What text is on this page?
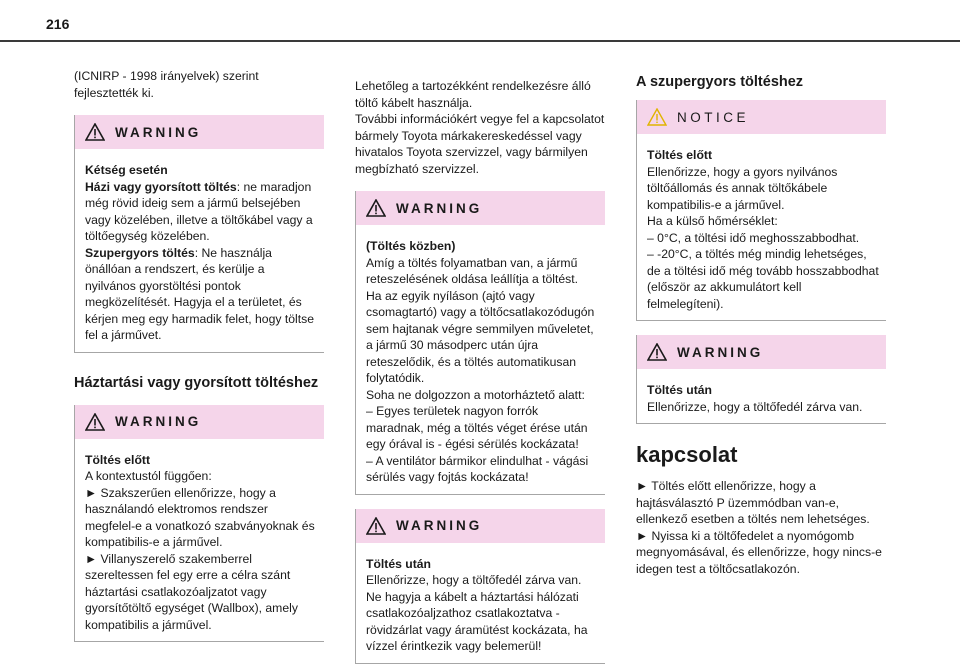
216

(ICNIRP - 1998 irányelvek) szerint fejlesztették ki.

WARNING

Kétség esetén

Házi vagy gyorsított töltés: ne maradjon még rövid ideig sem a jármű belsejében vagy közelében, illetve a töltőkábel vagy a töltőegység közelében.

Szupergyors töltés: Ne használja önállóan a rendszert, és kerülje a nyilvános gyorstöltési pontok megközelítését. Hagyja el a területet, és kérjen meg egy harmadik felet, hogy töltse fel a járművet.

Háztartási vagy gyorsított töltéshez

WARNING

Töltés előtt

A kontextustól függően:
► Szakszerűen ellenőrizze, hogy a használandó elektromos rendszer megfelel-e a vonatkozó szabványoknak és kompatibilis-e a járművel.
► Villanyszerelő szakemberrel szereltessen fel egy erre a célra szánt háztartási csatlakozóaljzatot vagy gyorsítőtöltő egységet (Wallbox), amely kompatibilis a járművel.

Lehetőleg a tartozékként rendelkezésre álló töltő kábelt használja.
További információkért vegye fel a kapcsolatot bármely Toyota márkakereskedéssel vagy hivatalos Toyota szervizzel, vagy bármilyen megbízható szervizzel.

WARNING

(Töltés közben)

Amíg a töltés folyamatban van, a jármű reteszelésének oldása leállítja a töltést.
Ha az egyik nyíláson (ajtó vagy csomagtartó) vagy a töltőcsatlakozódugón sem hajtanak végre semmilyen műveletet, a jármű 30 másodperc után újra reteszelődik, és a töltés automatikusan folytatódik.
Soha ne dolgozzon a motorháztető alatt:
– Egyes területek nagyon forrók maradnak, még a töltés véget érése után egy órával is - égési sérülés kockázata!
– A ventilátor bármikor elindulhat - vágási sérülés vagy fojtás kockázata!

WARNING

Töltés után

Ellenőrizze, hogy a töltőfedél zárva van.
Ne hagyja a kábelt a háztartási hálózati csatlakozóaljzathoz csatlakoztatva - rövidzárlat vagy áramütést kockázata, ha vízzel érintkezik vagy belemerül!

A szupergyors töltéshez

NOTICE

Töltés előtt

Ellenőrizze, hogy a gyors nyilvános töltőállomás és annak töltőkábele kompatibilis-e a járművel.
Ha a külső hőmérséklet:
– 0°C, a töltési idő meghosszabbodhat.
– -20°C, a töltés még mindig lehetséges, de a töltési idő még tovább hosszabbodhat (először az akkumulátort kell felmelegíteni).

WARNING

Töltés után

Ellenőrizze, hogy a töltőfedél zárva van.

kapcsolat

► Töltés előtt ellenőrizze, hogy a hajtásválasztó P üzemmódban van-e, ellenkező esetben a töltés nem lehetséges.
► Nyissa ki a töltőfedelet a nyomógomb megnyomásával, és ellenőrizze, hogy nincs-e idegen test a töltőcsatlakozón.
